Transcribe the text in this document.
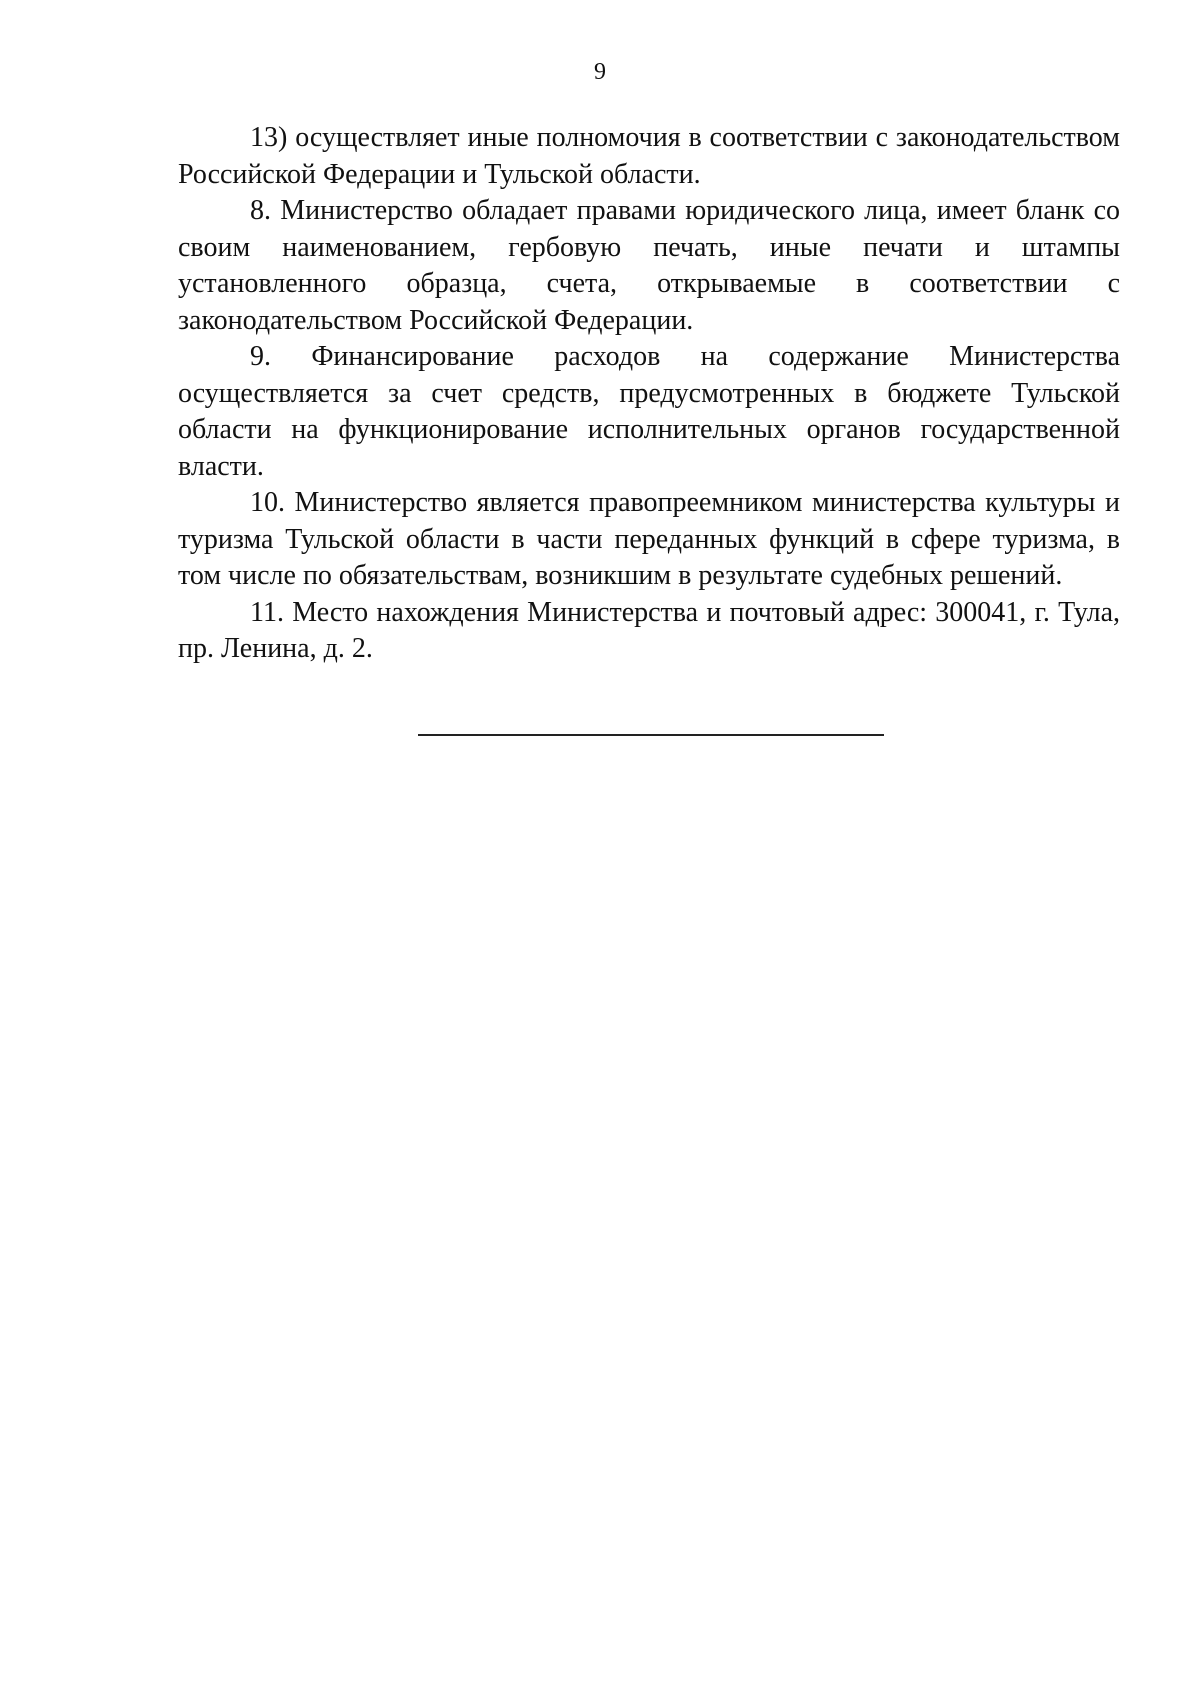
9

13) осуществляет иные полномочия в соответствии с законодательством Российской Федерации и Тульской области.

8. Министерство обладает правами юридического лица, имеет бланк со своим наименованием, гербовую печать, иные печати и штампы установленного образца, счета, открываемые в соответствии с законодательством Российской Федерации.

9. Финансирование расходов на содержание Министерства осуществляется за счет средств, предусмотренных в бюджете Тульской области на функционирование исполнительных органов государственной власти.

10. Министерство является правопреемником министерства культуры и туризма Тульской области в части переданных функций в сфере туризма, в том числе по обязательствам, возникшим в результате судебных решений.

11. Место нахождения Министерства и почтовый адрес: 300041, г. Тула, пр. Ленина, д. 2.
